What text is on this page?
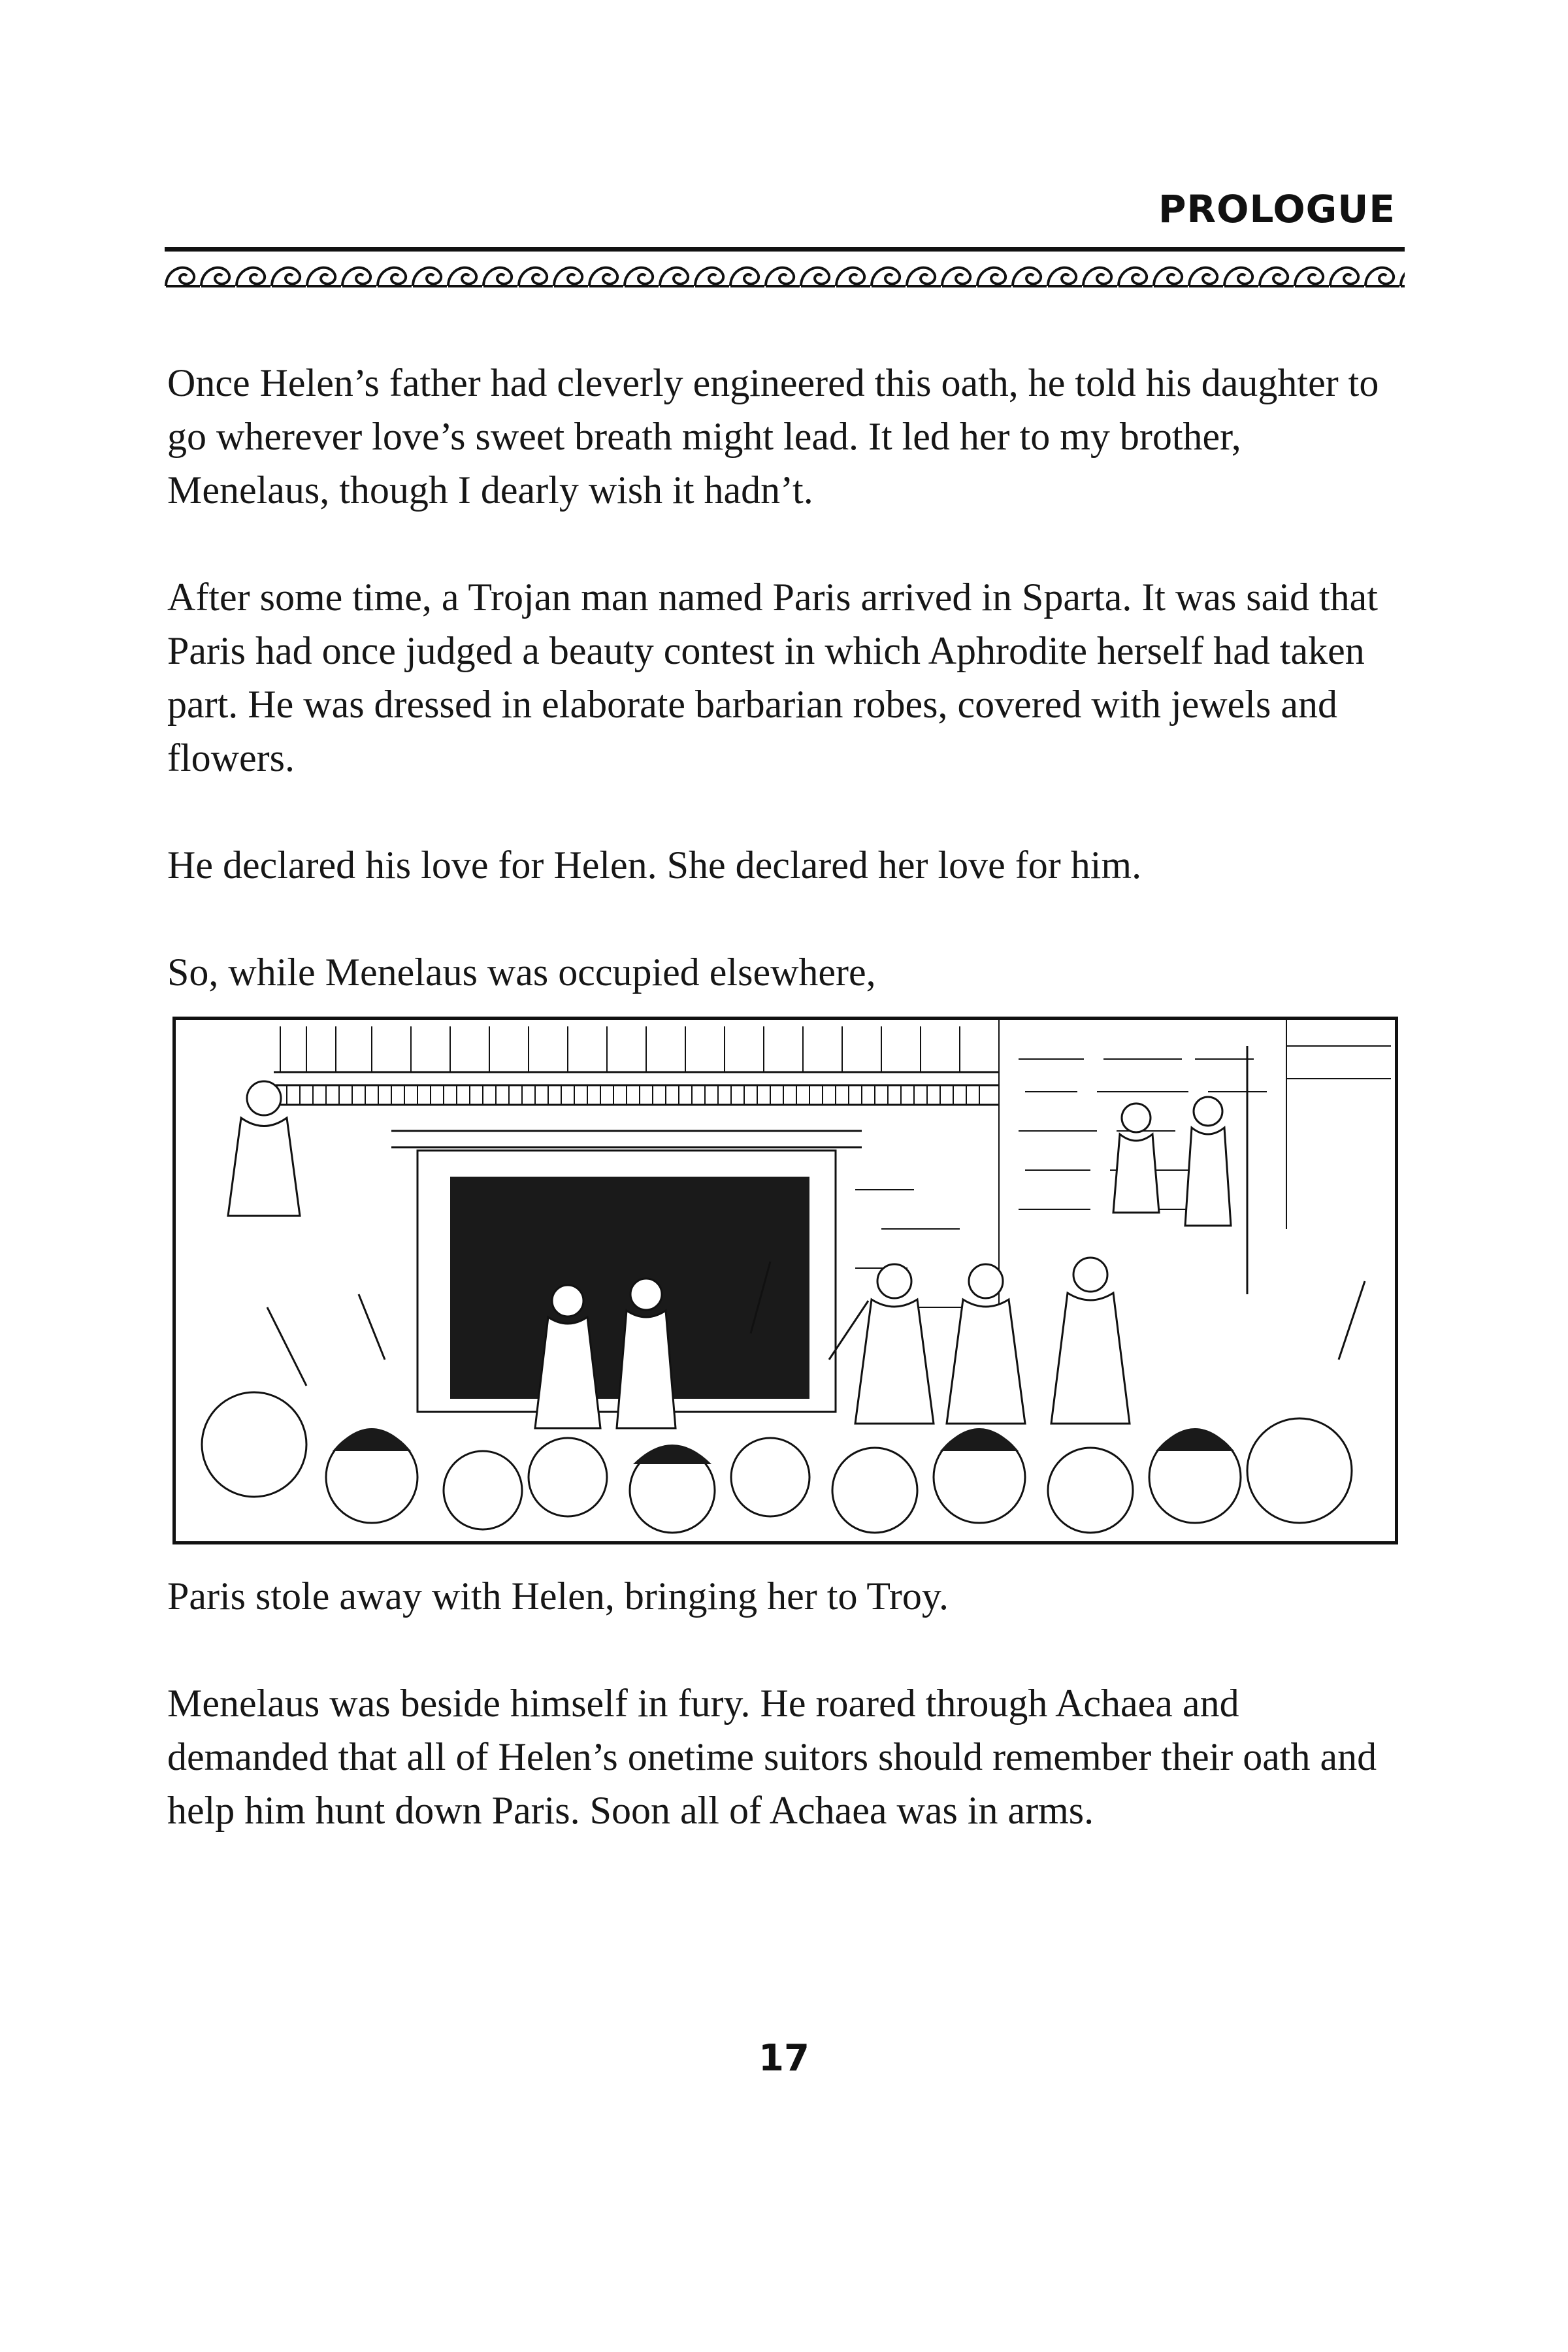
PROLOGUE

Once Helen’s father had cleverly engineered this oath, he told his daughter to go wherever love’s sweet breath might lead. It led her to my brother, Menelaus, though I dearly wish it hadn’t.

After some time, a Trojan man named Paris arrived in Sparta. It was said that Paris had once judged a beauty contest in which Aphrodite herself had taken part. He was dressed in elaborate barbarian robes, covered with jewels and flowers.

He declared his love for Helen. She declared her love for him.

So, while Menelaus was occupied elsewhere,

Paris stole away with Helen, bringing her to Troy.

Menelaus was beside himself in fury. He roared through Achaea and demanded that all of Helen’s onetime suitors should remember their oath and help him hunt down Paris. Soon all of Achaea was in arms.

17
